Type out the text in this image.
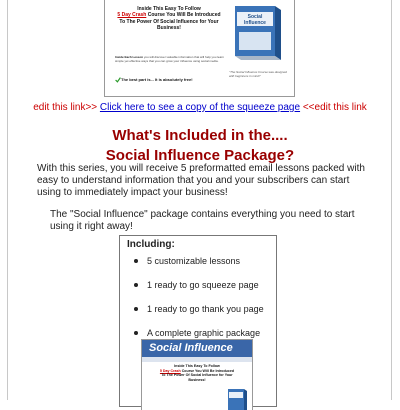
Inside This Easy To Follow
5 Day Crash Course You Will Be Introduced To The Power Of Social Influence for Your Business!
Inside Each Lesson you will discover valuable information that will help you learn simple yet effective ways that you can grow your influence using social media.
The best part is... It is absolutely free!
Social
Influence
"The Social Influence Course was designed with beginners in mind!"
edit this link>> Click here to see a copy of the squeeze page <<edit this link
What's Included in the....
Social Influence Package?
With this series, you will receive 5 preformatted email lessons packed with easy to understand information that you and your subscribers can start using to immediately impact your business!
The "Social Influence" package contains everything you need to start using it right away!
Including:
5 customizable lessons
1 ready to go squeeze page
1 ready to go thank you page
A complete graphic package
Social Influence
Inside This Easy To Follow
5 Day Crash Course You Will Be Introduced To The Power Of Social Influence for Your Business!
